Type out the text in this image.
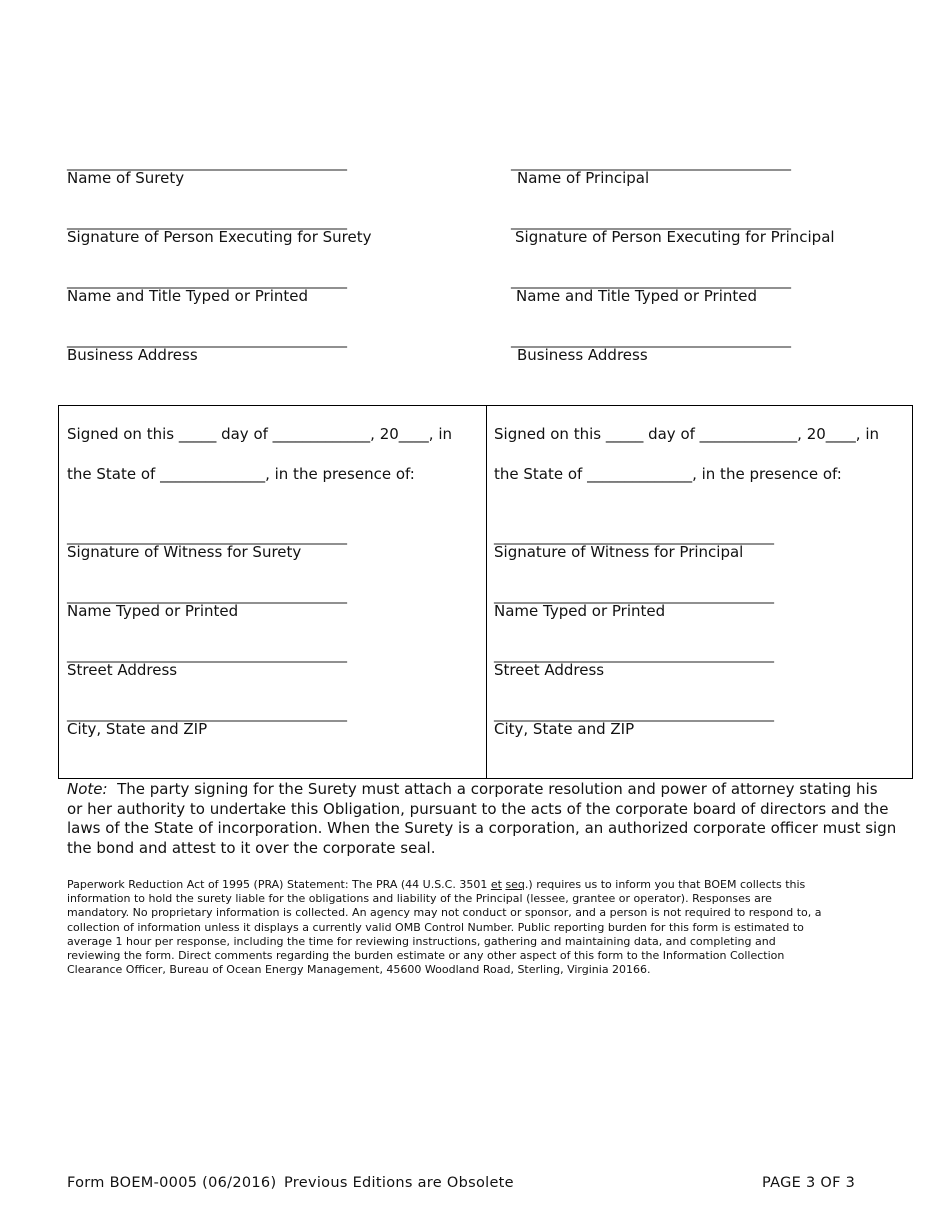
________________________________________
Name of Surety
________________________________________
Signature of Person Executing for Surety
________________________________________
Name and Title Typed or Printed
________________________________________
Business Address
________________________________________
Name of Principal
________________________________________
Signature of Person Executing for Principal
________________________________________
Name and Title Typed or Printed
________________________________________
Business Address
Signed on this _____ day of _____________, 20____, in
the State of ______________, in the presence of:
________________________________________
Signature of Witness for Surety
________________________________________
Name Typed or Printed
________________________________________
Street Address
________________________________________
City, State and ZIP
Signed on this _____ day of _____________, 20____, in
the State of ______________, in the presence of:
________________________________________
Signature of Witness for Principal
________________________________________
Name Typed or Printed
________________________________________
Street Address
________________________________________
City, State and ZIP
Note: The party signing for the Surety must attach a corporate resolution and power of attorney stating his or her authority to undertake this Obligation, pursuant to the acts of the corporate board of directors and the laws of the State of incorporation. When the Surety is a corporation, an authorized corporate officer must sign the bond and attest to it over the corporate seal.
Paperwork Reduction Act of 1995 (PRA) Statement: The PRA (44 U.S.C. 3501 et seq.) requires us to inform you that BOEM collects this information to hold the surety liable for the obligations and liability of the Principal (lessee, grantee or operator). Responses are mandatory. No proprietary information is collected. An agency may not conduct or sponsor, and a person is not required to respond to, a collection of information unless it displays a currently valid OMB Control Number. Public reporting burden for this form is estimated to average 1 hour per response, including the time for reviewing instructions, gathering and maintaining data, and completing and reviewing the form. Direct comments regarding the burden estimate or any other aspect of this form to the Information Collection Clearance Officer, Bureau of Ocean Energy Management, 45600 Woodland Road, Sterling, Virginia 20166.
Form BOEM-0005 (06/2016) Previous Editions are Obsolete	PAGE 3 OF 3
